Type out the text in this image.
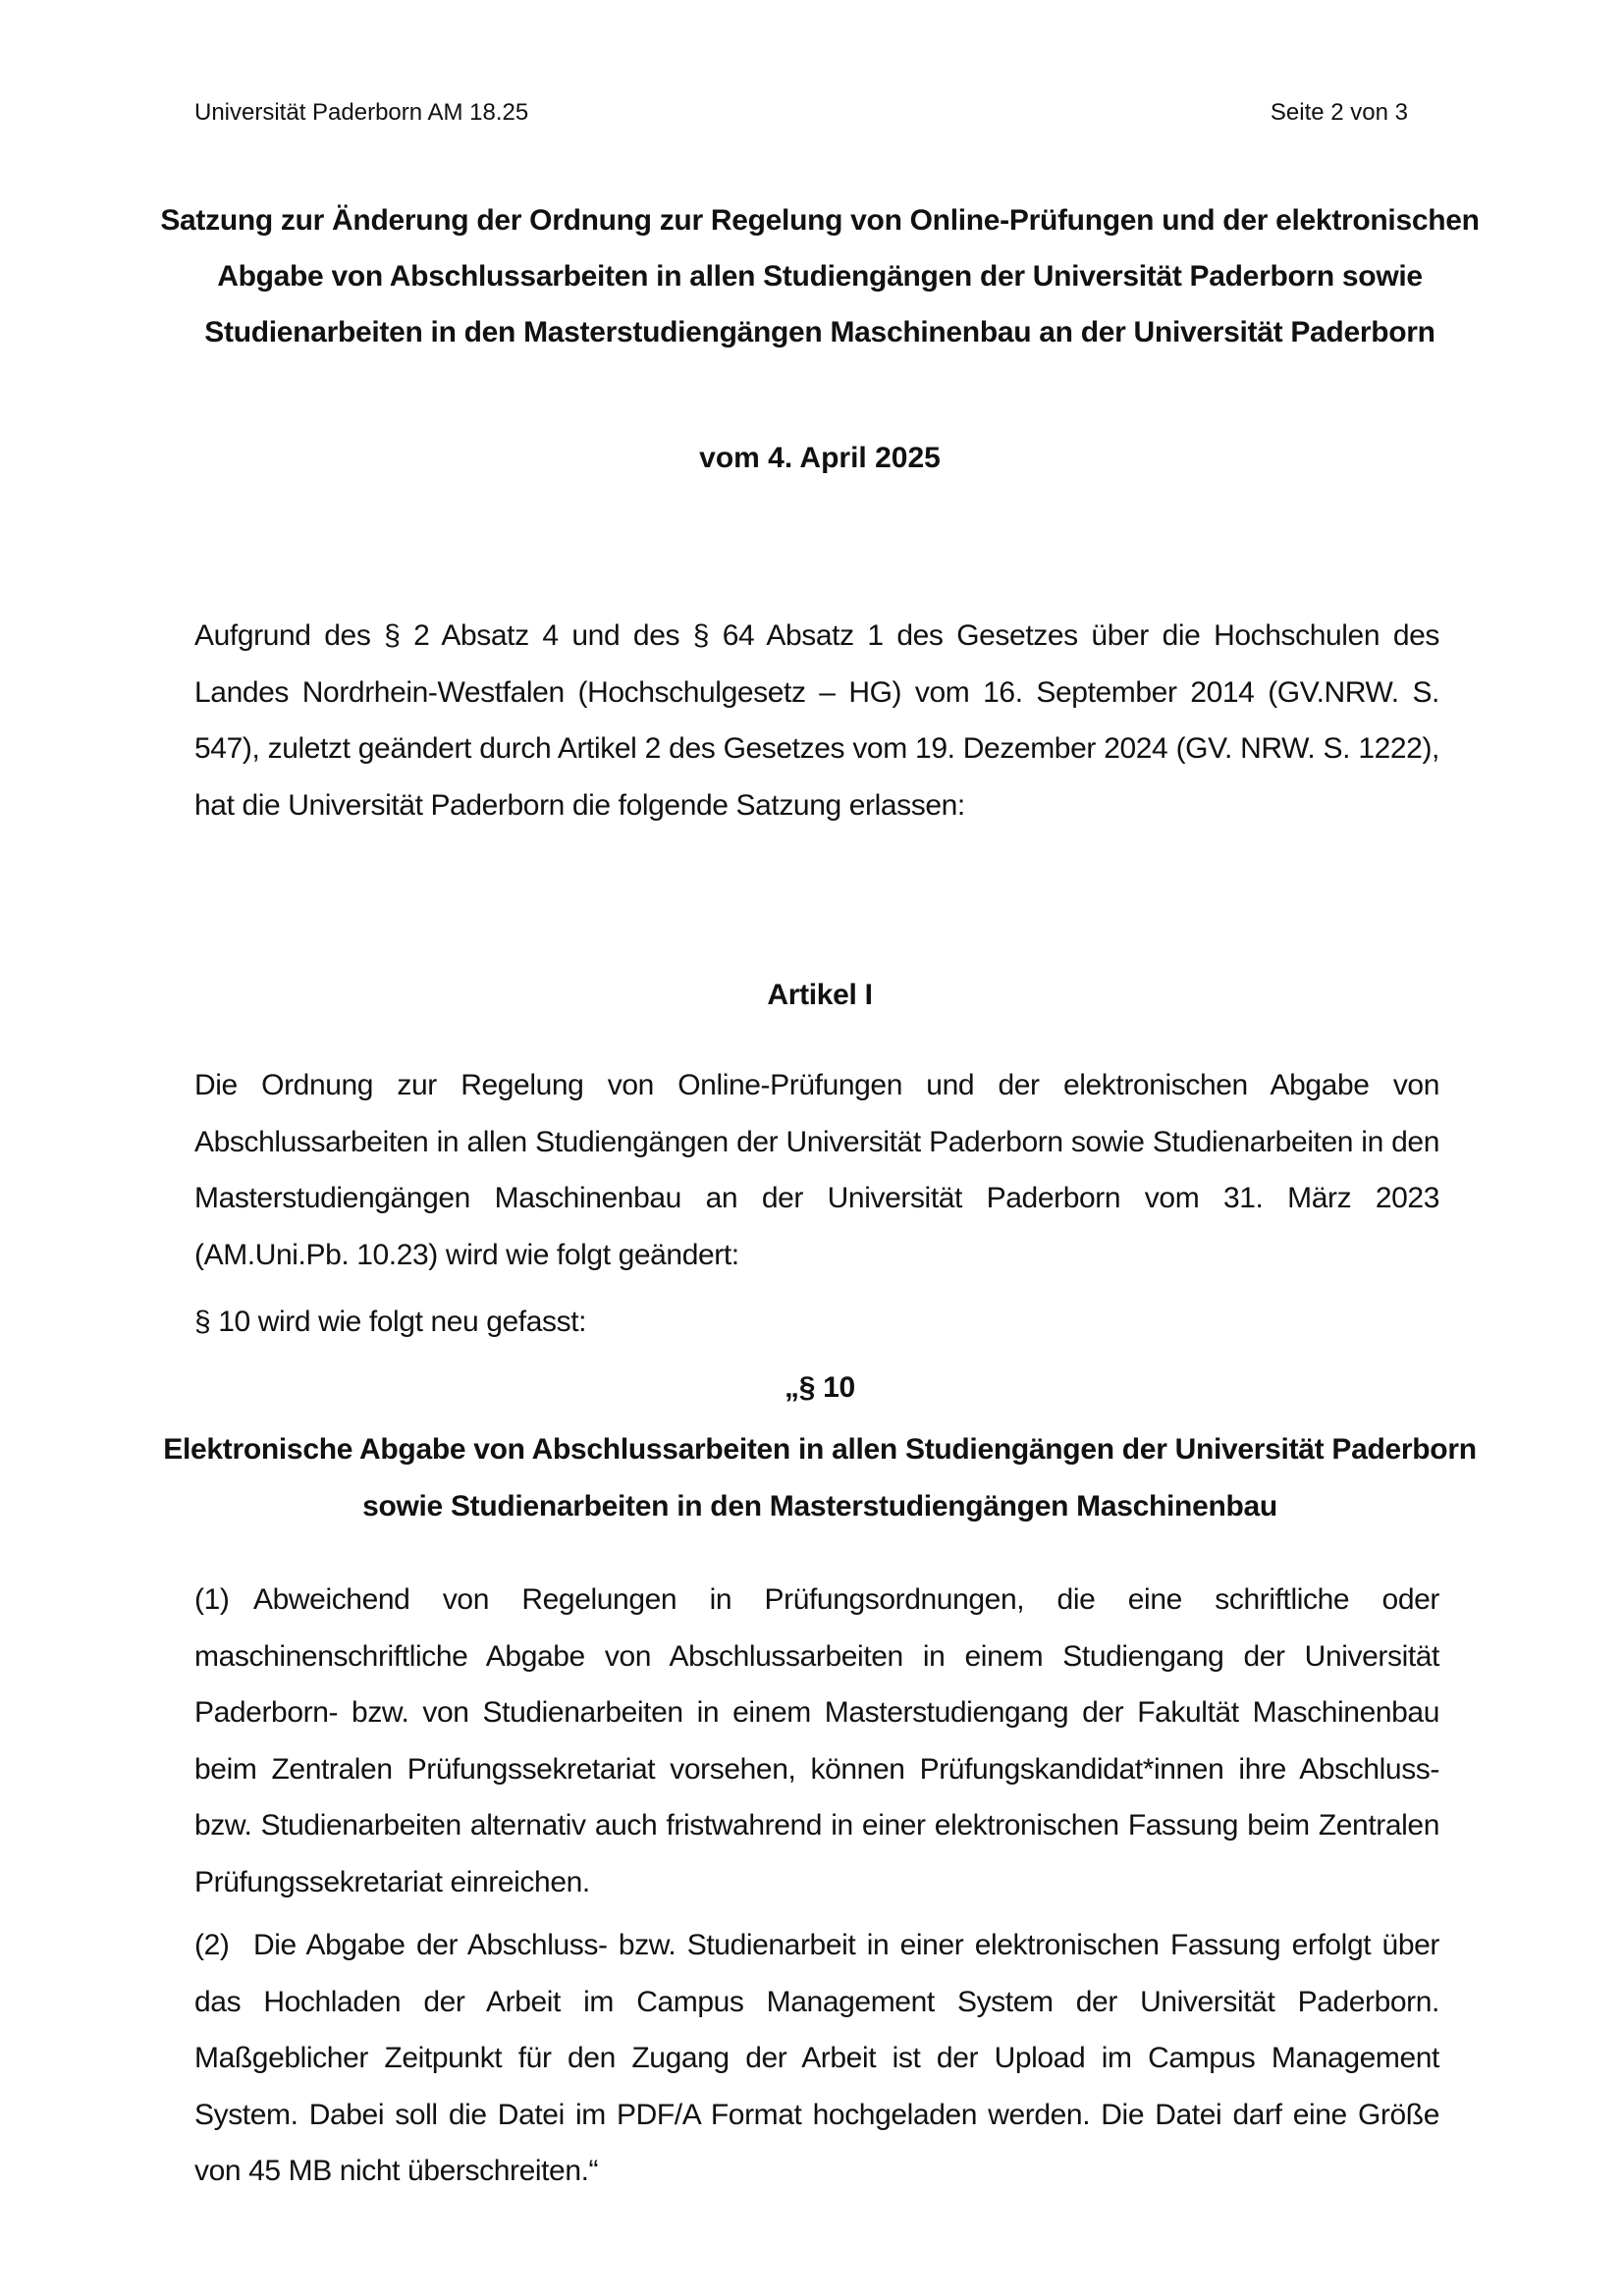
Universität Paderborn AM 18.25	Seite 2 von 3
Satzung zur Änderung der Ordnung zur Regelung von Online-Prüfungen und der elektronischen Abgabe von Abschlussarbeiten in allen Studiengängen der Universität Paderborn sowie Studienarbeiten in den Masterstudiengängen Maschinenbau an der Universität Paderborn
vom 4. April 2025
Aufgrund des § 2 Absatz 4 und des § 64 Absatz 1 des Gesetzes über die Hochschulen des Landes Nordrhein-Westfalen (Hochschulgesetz – HG) vom 16. September 2014 (GV.NRW. S. 547), zuletzt geändert durch Artikel 2 des Gesetzes vom 19. Dezember 2024 (GV. NRW. S. 1222), hat die Universität Paderborn die folgende Satzung erlassen:
Artikel I
Die Ordnung zur Regelung von Online-Prüfungen und der elektronischen Abgabe von Abschlussarbeiten in allen Studiengängen der Universität Paderborn sowie Studienarbeiten in den Masterstudiengängen Maschinenbau an der Universität Paderborn vom 31. März 2023 (AM.Uni.Pb. 10.23) wird wie folgt geändert:
§ 10 wird wie folgt neu gefasst:
„§ 10
Elektronische Abgabe von Abschlussarbeiten in allen Studiengängen der Universität Paderborn sowie Studienarbeiten in den Masterstudiengängen Maschinenbau
(1) Abweichend von Regelungen in Prüfungsordnungen, die eine schriftliche oder maschinenschriftliche Abgabe von Abschlussarbeiten in einem Studiengang der Universität Paderborn- bzw. von Studienarbeiten in einem Masterstudiengang der Fakultät Maschinenbau beim Zentralen Prüfungssekretariat vorsehen, können Prüfungskandidat*innen ihre Abschluss- bzw. Studienarbeiten alternativ auch fristwahrend in einer elektronischen Fassung beim Zentralen Prüfungssekretariat einreichen.
(2) Die Abgabe der Abschluss- bzw. Studienarbeit in einer elektronischen Fassung erfolgt über das Hochladen der Arbeit im Campus Management System der Universität Paderborn. Maßgeblicher Zeitpunkt für den Zugang der Arbeit ist der Upload im Campus Management System. Dabei soll die Datei im PDF/A Format hochgeladen werden. Die Datei darf eine Größe von 45 MB nicht überschreiten.“
